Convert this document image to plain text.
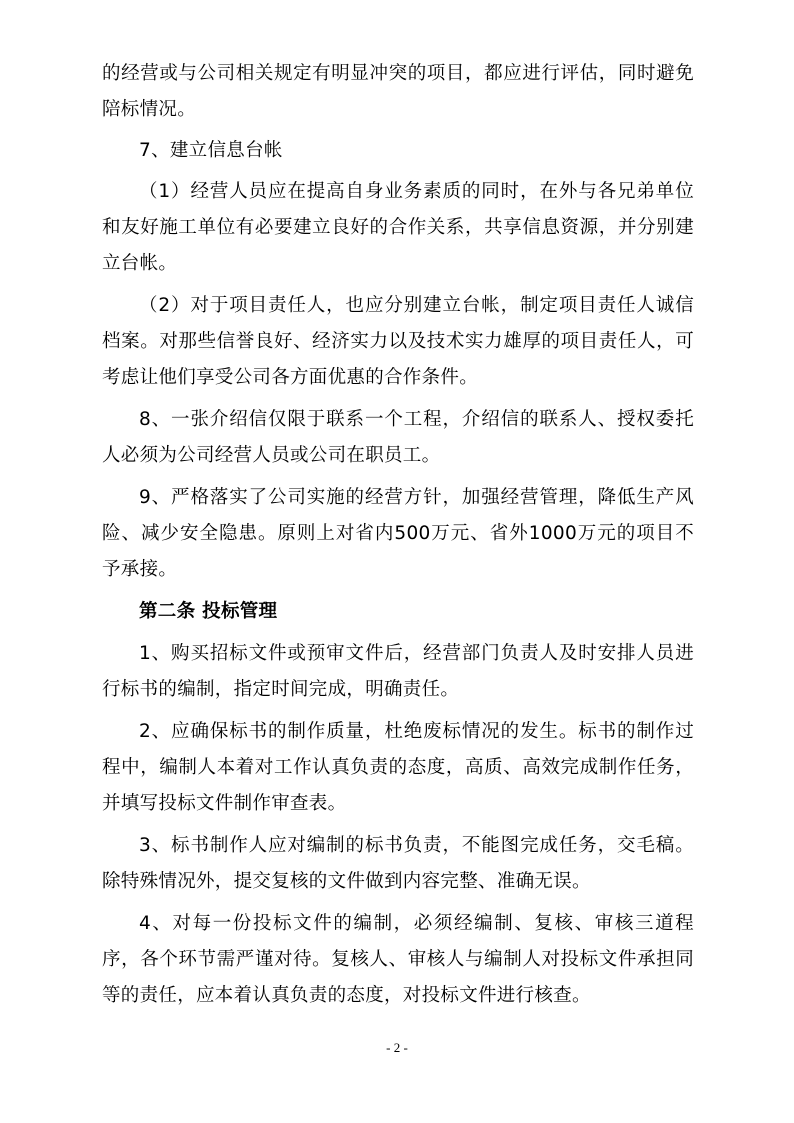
的经营或与公司相关规定有明显冲突的项目，都应进行评估，同时避免陪标情况。

7、建立信息台帐

（1）经营人员应在提高自身业务素质的同时，在外与各兄弟单位和友好施工单位有必要建立良好的合作关系，共享信息资源，并分别建立台帐。

（2）对于项目责任人，也应分别建立台帐，制定项目责任人诚信档案。对那些信誉良好、经济实力以及技术实力雄厚的项目责任人，可考虑让他们享受公司各方面优惠的合作条件。

8、一张介绍信仅限于联系一个工程，介绍信的联系人、授权委托人必须为公司经营人员或公司在职员工。

9、严格落实了公司实施的经营方针，加强经营管理，降低生产风险、减少安全隐患。原则上对省内500万元、省外1000万元的项目不予承接。

第二条 投标管理

1、购买招标文件或预审文件后，经营部门负责人及时安排人员进行标书的编制，指定时间完成，明确责任。

2、应确保标书的制作质量，杜绝废标情况的发生。标书的制作过程中，编制人本着对工作认真负责的态度，高质、高效完成制作任务，并填写投标文件制作审查表。

3、标书制作人应对编制的标书负责，不能图完成任务，交毛稿。除特殊情况外，提交复核的文件做到内容完整、准确无误。

4、对每一份投标文件的编制，必须经编制、复核、审核三道程序，各个环节需严谨对待。复核人、审核人与编制人对投标文件承担同等的责任，应本着认真负责的态度，对投标文件进行核查。

- 2 -
